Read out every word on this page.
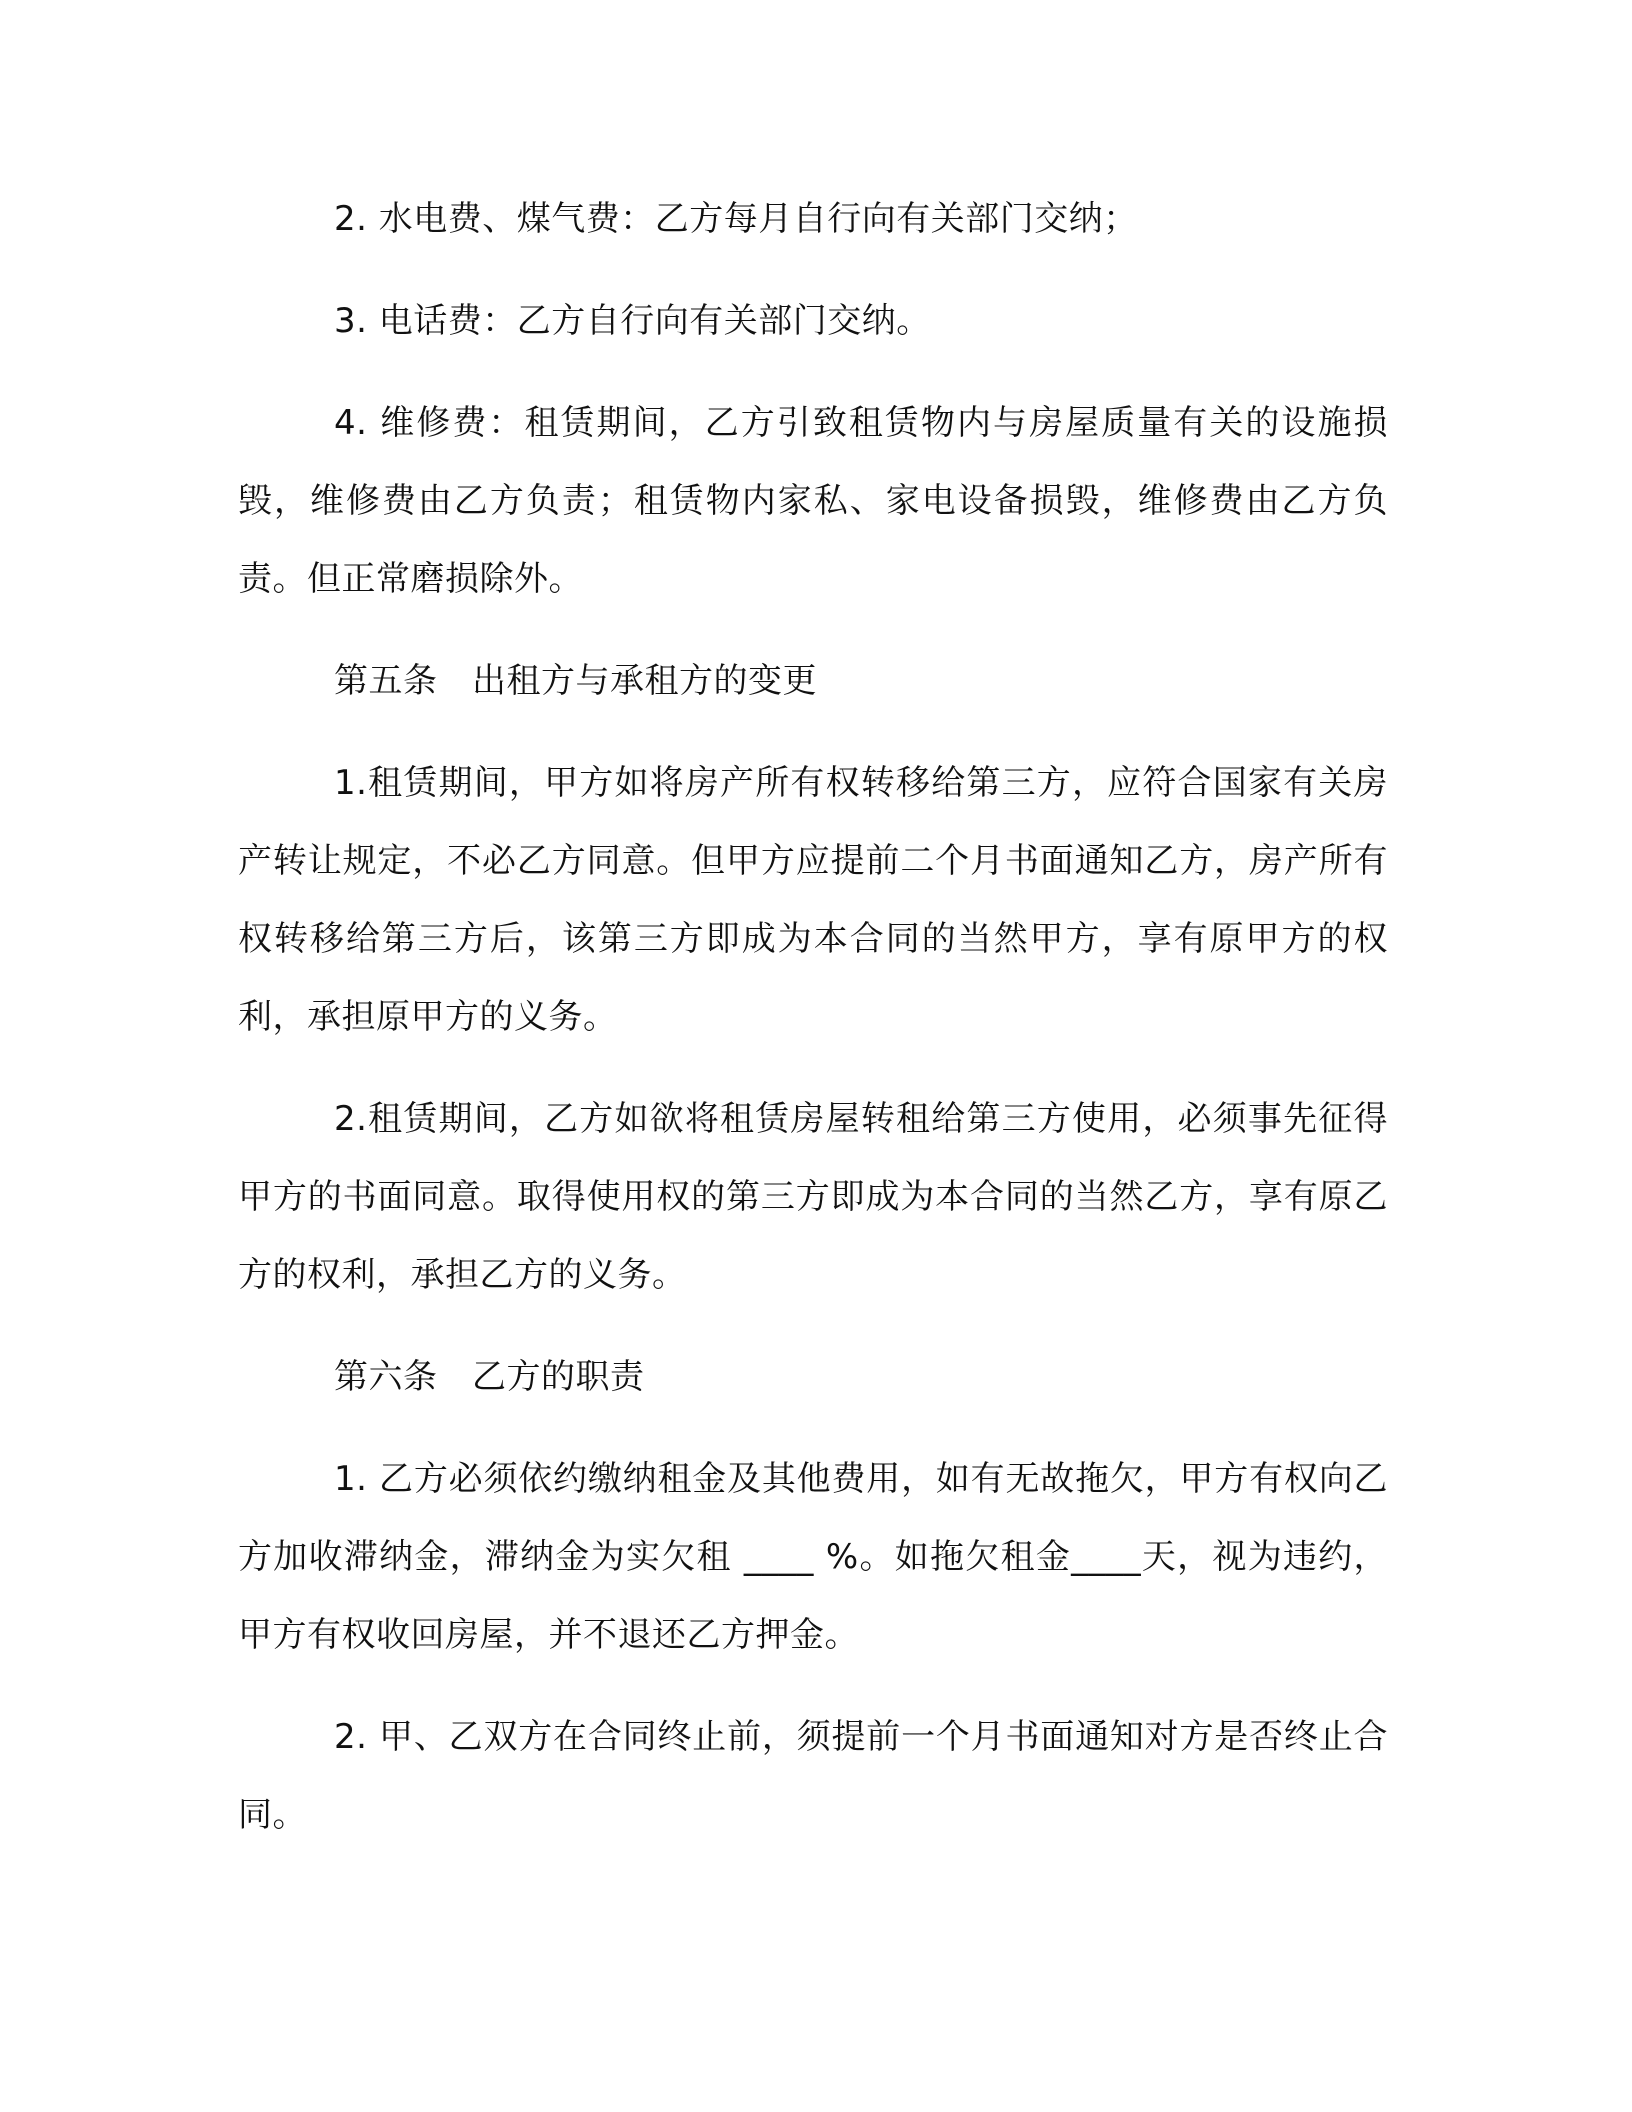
2. 水电费、煤气费：乙方每月自行向有关部门交纳；

3. 电话费：乙方自行向有关部门交纳。

4. 维修费：租赁期间，乙方引致租赁物内与房屋质量有关的设施损毁，维修费由乙方负责；租赁物内家私、家电设备损毁，维修费由乙方负责。但正常磨损除外。

第五条　出租方与承租方的变更

1.租赁期间，甲方如将房产所有权转移给第三方，应符合国家有关房产转让规定，不必乙方同意。但甲方应提前二个月书面通知乙方，房产所有权转移给第三方后，该第三方即成为本合同的当然甲方，享有原甲方的权利，承担原甲方的义务。

2.租赁期间，乙方如欲将租赁房屋转租给第三方使用，必须事先征得甲方的书面同意。取得使用权的第三方即成为本合同的当然乙方，享有原乙方的权利，承担乙方的义务。

第六条　乙方的职责

1. 乙方必须依约缴纳租金及其他费用，如有无故拖欠，甲方有权向乙方加收滞纳金，滞纳金为实欠租 ____ %。如拖欠租金____天，视为违约，甲方有权收回房屋，并不退还乙方押金。

2. 甲、乙双方在合同终止前，须提前一个月书面通知对方是否终止合同。
